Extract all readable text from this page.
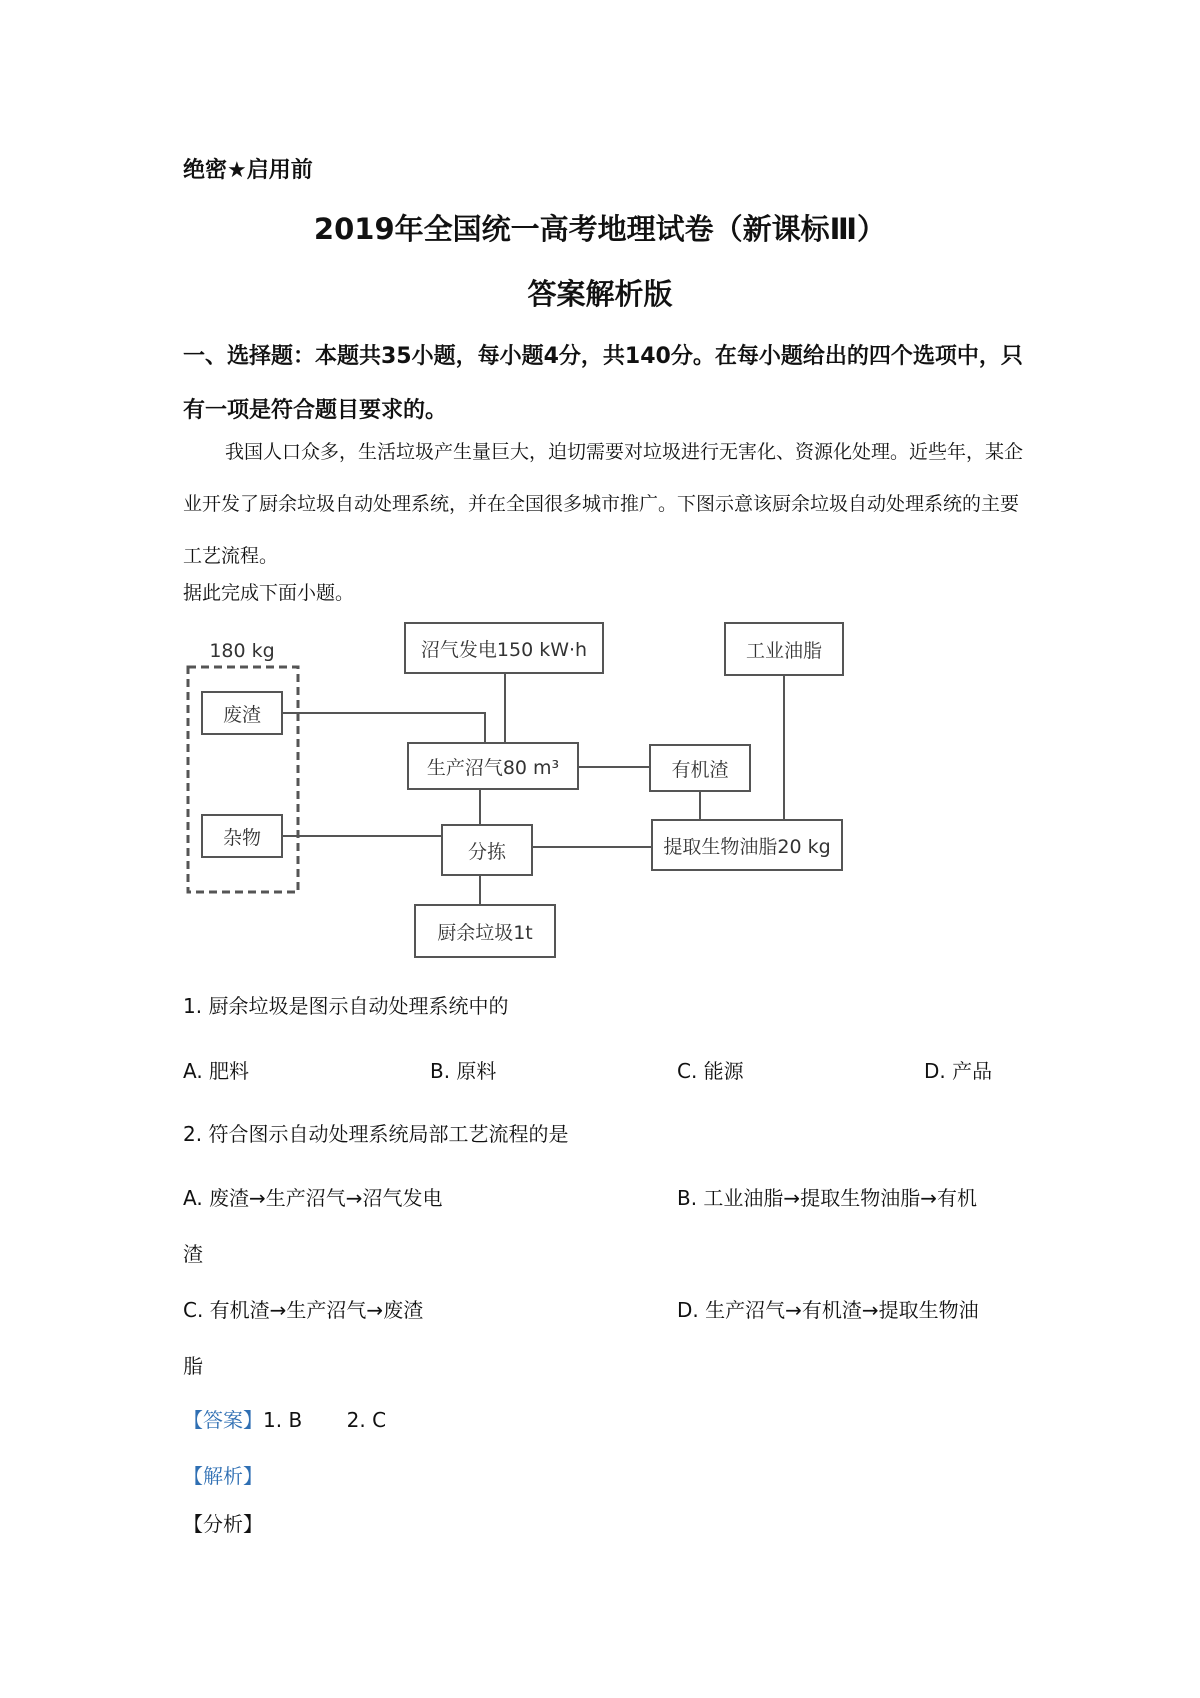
绝密★启用前
2019年全国统一高考地理试卷（新课标Ⅲ）
答案解析版
一、选择题：本题共35小题，每小题4分，共140分。在每小题给出的四个选项中，只有一项是符合题目要求的。
我国人口众多，生活垃圾产生量巨大，迫切需要对垃圾进行无害化、资源化处理。近些年，某企业开发了厨余垃圾自动处理系统，并在全国很多城市推广。下图示意该厨余垃圾自动处理系统的主要工艺流程。
据此完成下面小题。
180 kg
废渣
杂物
沼气发电150 kW·h
生产沼气80 m³	有机渣
分拣
工业油脂
提取生物油脂20 kg
厨余垃圾1t
1. 厨余垃圾是图示自动处理系统中的
A. 肥料	B. 原料	C. 能源	D. 产品
2. 符合图示自动处理系统局部工艺流程的是
A. 废渣→生产沼气→沼气发电	B. 工业油脂→提取生物油脂→有机
渣
C. 有机渣→生产沼气→废渣	D. 生产沼气→有机渣→提取生物油
脂
【答案】1. B       2. C
【解析】
【分析】
